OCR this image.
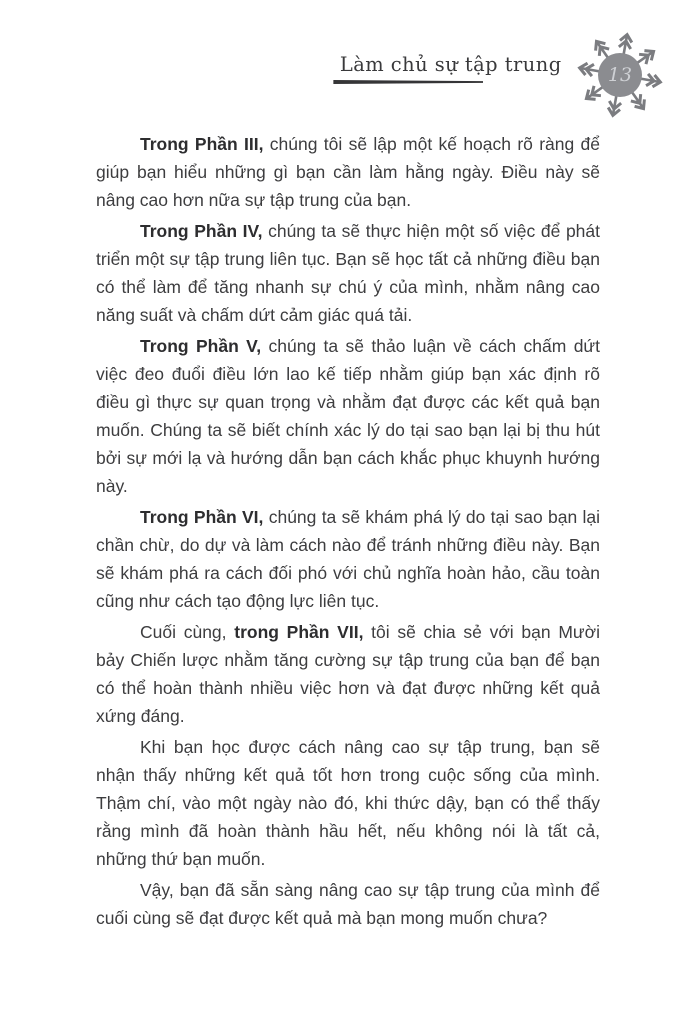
Làm chủ sự tập trung	13

Trong Phần III, chúng tôi sẽ lập một kế hoạch rõ ràng để giúp bạn hiểu những gì bạn cần làm hằng ngày. Điều này sẽ nâng cao hơn nữa sự tập trung của bạn.

Trong Phần IV, chúng ta sẽ thực hiện một số việc để phát triển một sự tập trung liên tục. Bạn sẽ học tất cả những điều bạn có thể làm để tăng nhanh sự chú ý của mình, nhằm nâng cao năng suất và chấm dứt cảm giác quá tải.

Trong Phần V, chúng ta sẽ thảo luận về cách chấm dứt việc đeo đuổi điều lớn lao kế tiếp nhằm giúp bạn xác định rõ điều gì thực sự quan trọng và nhằm đạt được các kết quả bạn muốn. Chúng ta sẽ biết chính xác lý do tại sao bạn lại bị thu hút bởi sự mới lạ và hướng dẫn bạn cách khắc phục khuynh hướng này.

Trong Phần VI, chúng ta sẽ khám phá lý do tại sao bạn lại chần chừ, do dự và làm cách nào để tránh những điều này. Bạn sẽ khám phá ra cách đối phó với chủ nghĩa hoàn hảo, cầu toàn cũng như cách tạo động lực liên tục.

Cuối cùng, trong Phần VII, tôi sẽ chia sẻ với bạn Mười bảy Chiến lược nhằm tăng cường sự tập trung của bạn để bạn có thể hoàn thành nhiều việc hơn và đạt được những kết quả xứng đáng.

Khi bạn học được cách nâng cao sự tập trung, bạn sẽ nhận thấy những kết quả tốt hơn trong cuộc sống của mình. Thậm chí, vào một ngày nào đó, khi thức dậy, bạn có thể thấy rằng mình đã hoàn thành hầu hết, nếu không nói là tất cả, những thứ bạn muốn.

Vậy, bạn đã sẵn sàng nâng cao sự tập trung của mình để cuối cùng sẽ đạt được kết quả mà bạn mong muốn chưa?
